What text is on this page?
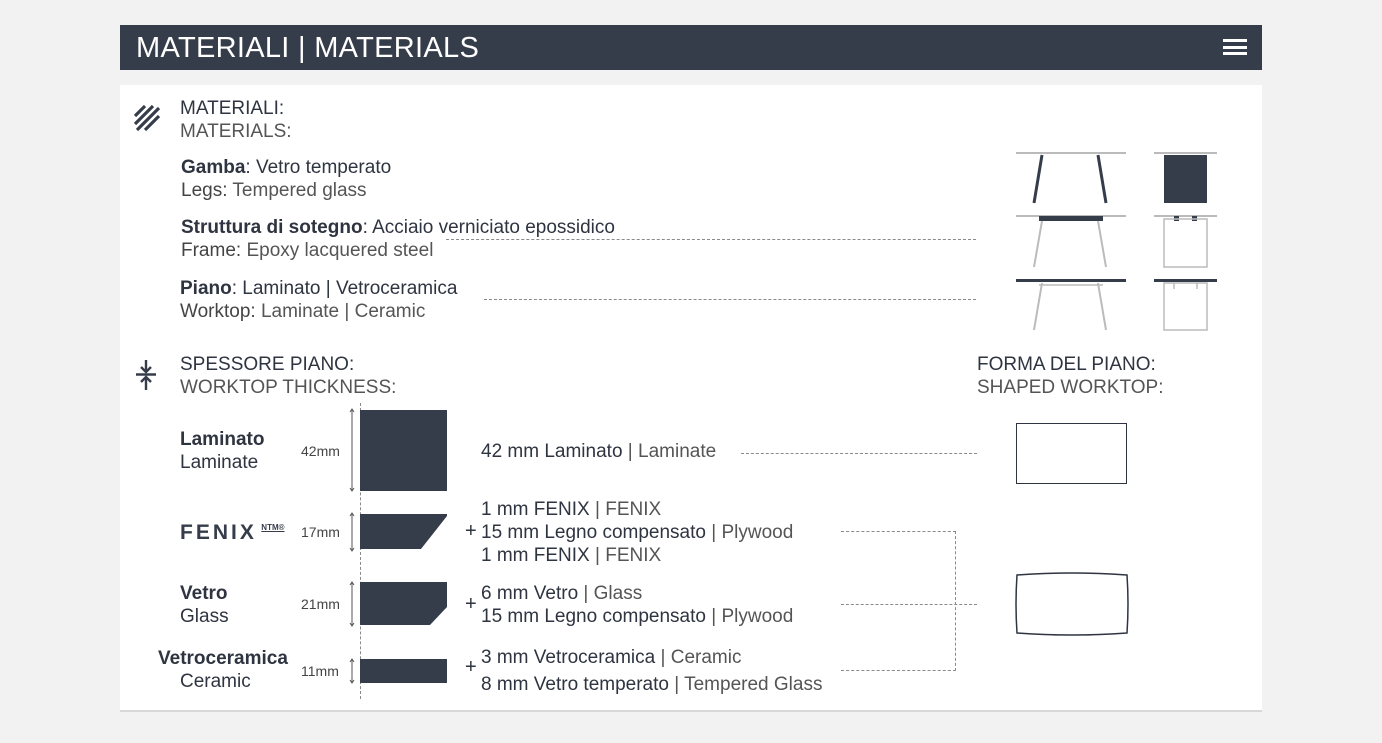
MATERIALI | MATERIALS
MATERIALI:
MATERIALS:
Gamba: Vetro temperato
Legs: Tempered glass
Struttura di sotegno: Acciaio verniciato epossidico
Frame: Epoxy lacquered steel
Piano: Laminato | Vetroceramica
Worktop: Laminate | Ceramic
SPESSORE PIANO:
WORKTOP THICKNESS:
FORMA DEL PIANO:
SHAPED WORKTOP:
Laminato
Laminate
42mm	42 mm Laminato | Laminate
FENIX $^{NTM®}$ 17mm	+
1 mm FENIX | FENIX
15 mm Legno compensato | Plywood
1 mm FENIX | FENIX
Vetro
Glass
21mm	+ 6 mm Vetro | Glass
15 mm Legno compensato | Plywood
Vetroceramica
Ceramic	11mm	+ 3 mm Vetroceramica | Ceramic
8 mm Vetro temperato | Tempered Glass
